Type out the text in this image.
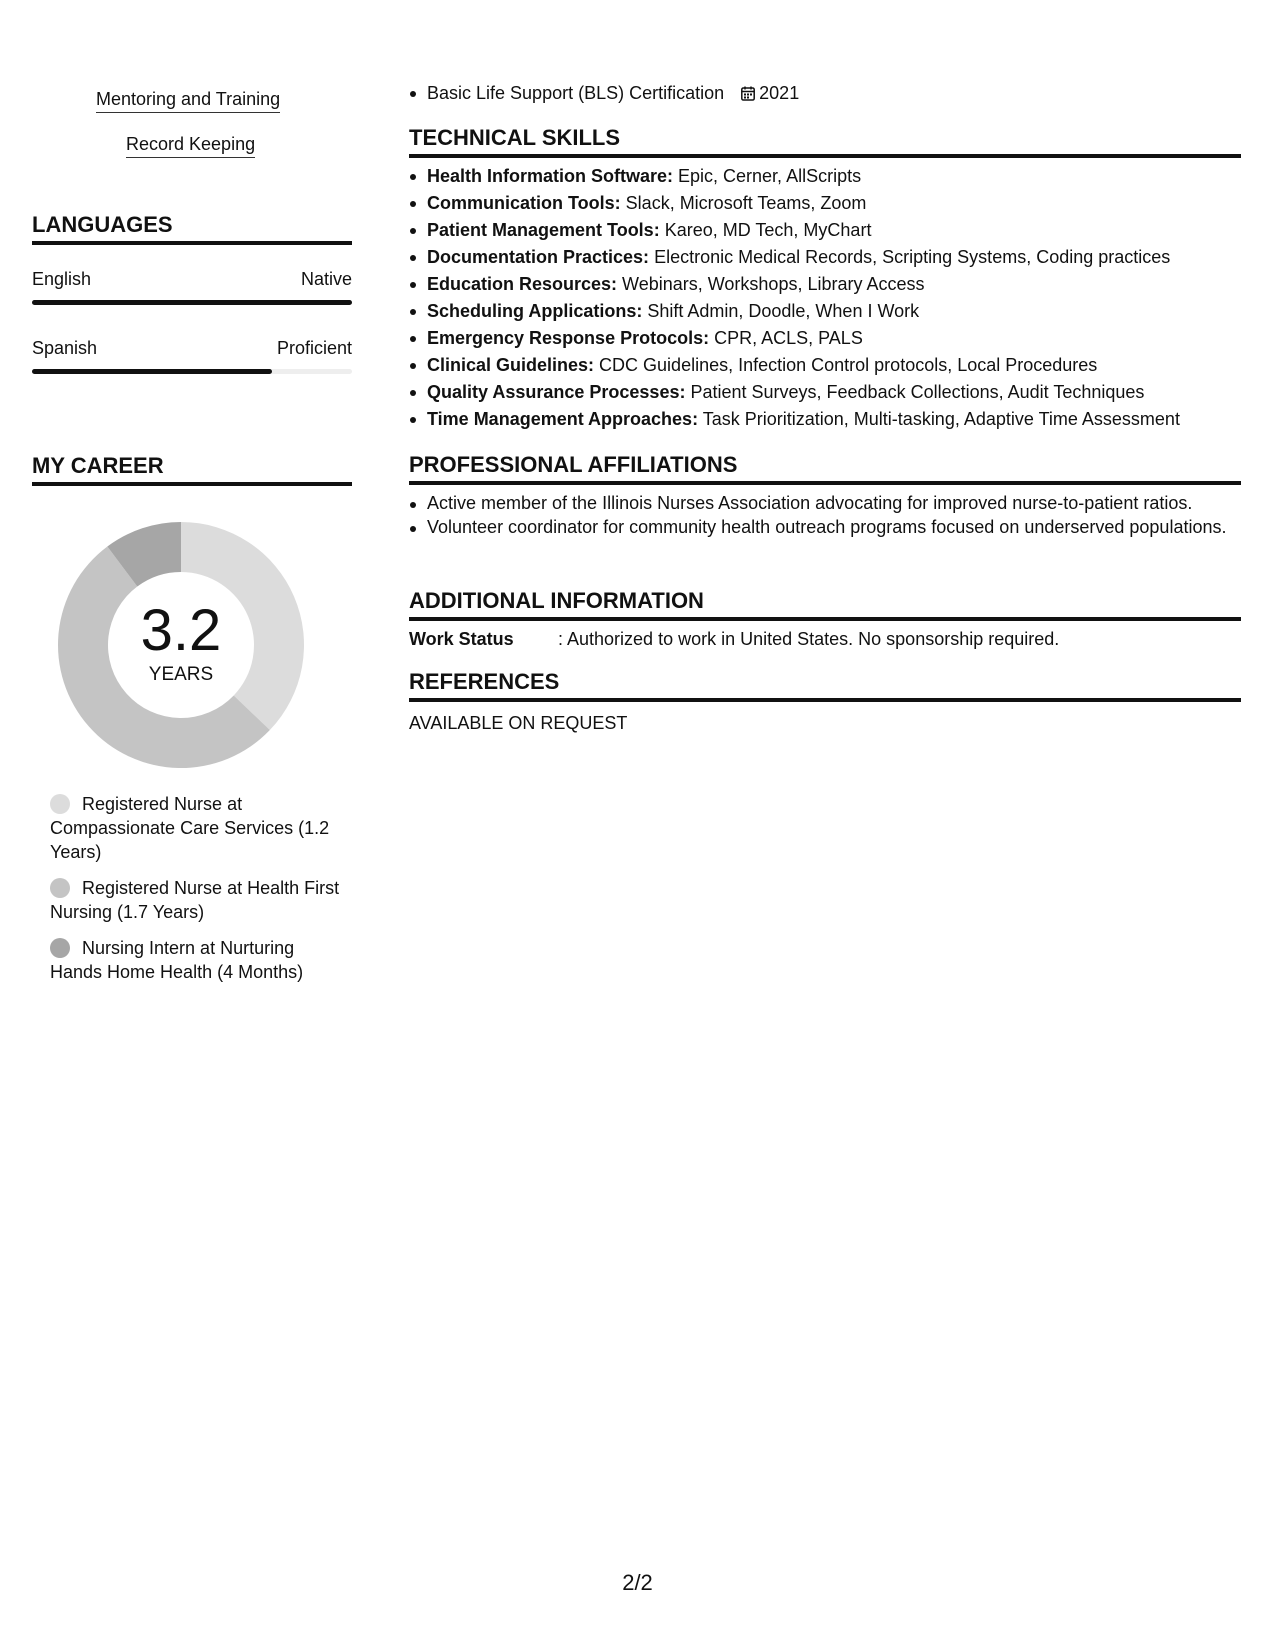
Mentoring and Training
Record Keeping
LANGUAGES
English	Native
Spanish	Proficient
MY CAREER
3.2
YEARS
Registered Nurse at Compassionate Care Services (1.2 Years)
Registered Nurse at Health First Nursing (1.7 Years)
Nursing Intern at Nurturing Hands Home Health (4 Months)
Basic Life Support (BLS) Certification 2021
TECHNICAL SKILLS
Health Information Software: Epic, Cerner, AllScripts
Communication Tools: Slack, Microsoft Teams, Zoom
Patient Management Tools: Kareo, MD Tech, MyChart
Documentation Practices: Electronic Medical Records, Scripting Systems, Coding practices
Education Resources: Webinars, Workshops, Library Access
Scheduling Applications: Shift Admin, Doodle, When I Work
Emergency Response Protocols: CPR, ACLS, PALS
Clinical Guidelines: CDC Guidelines, Infection Control protocols, Local Procedures
Quality Assurance Processes: Patient Surveys, Feedback Collections, Audit Techniques
Time Management Approaches: Task Prioritization, Multi-tasking, Adaptive Time Assessment
PROFESSIONAL AFFILIATIONS
Active member of the Illinois Nurses Association advocating for improved nurse-to-patient ratios.
Volunteer coordinator for community health outreach programs focused on underserved populations.
ADDITIONAL INFORMATION
Work Status : Authorized to work in United States. No sponsorship required.
REFERENCES
AVAILABLE ON REQUEST
2/2
